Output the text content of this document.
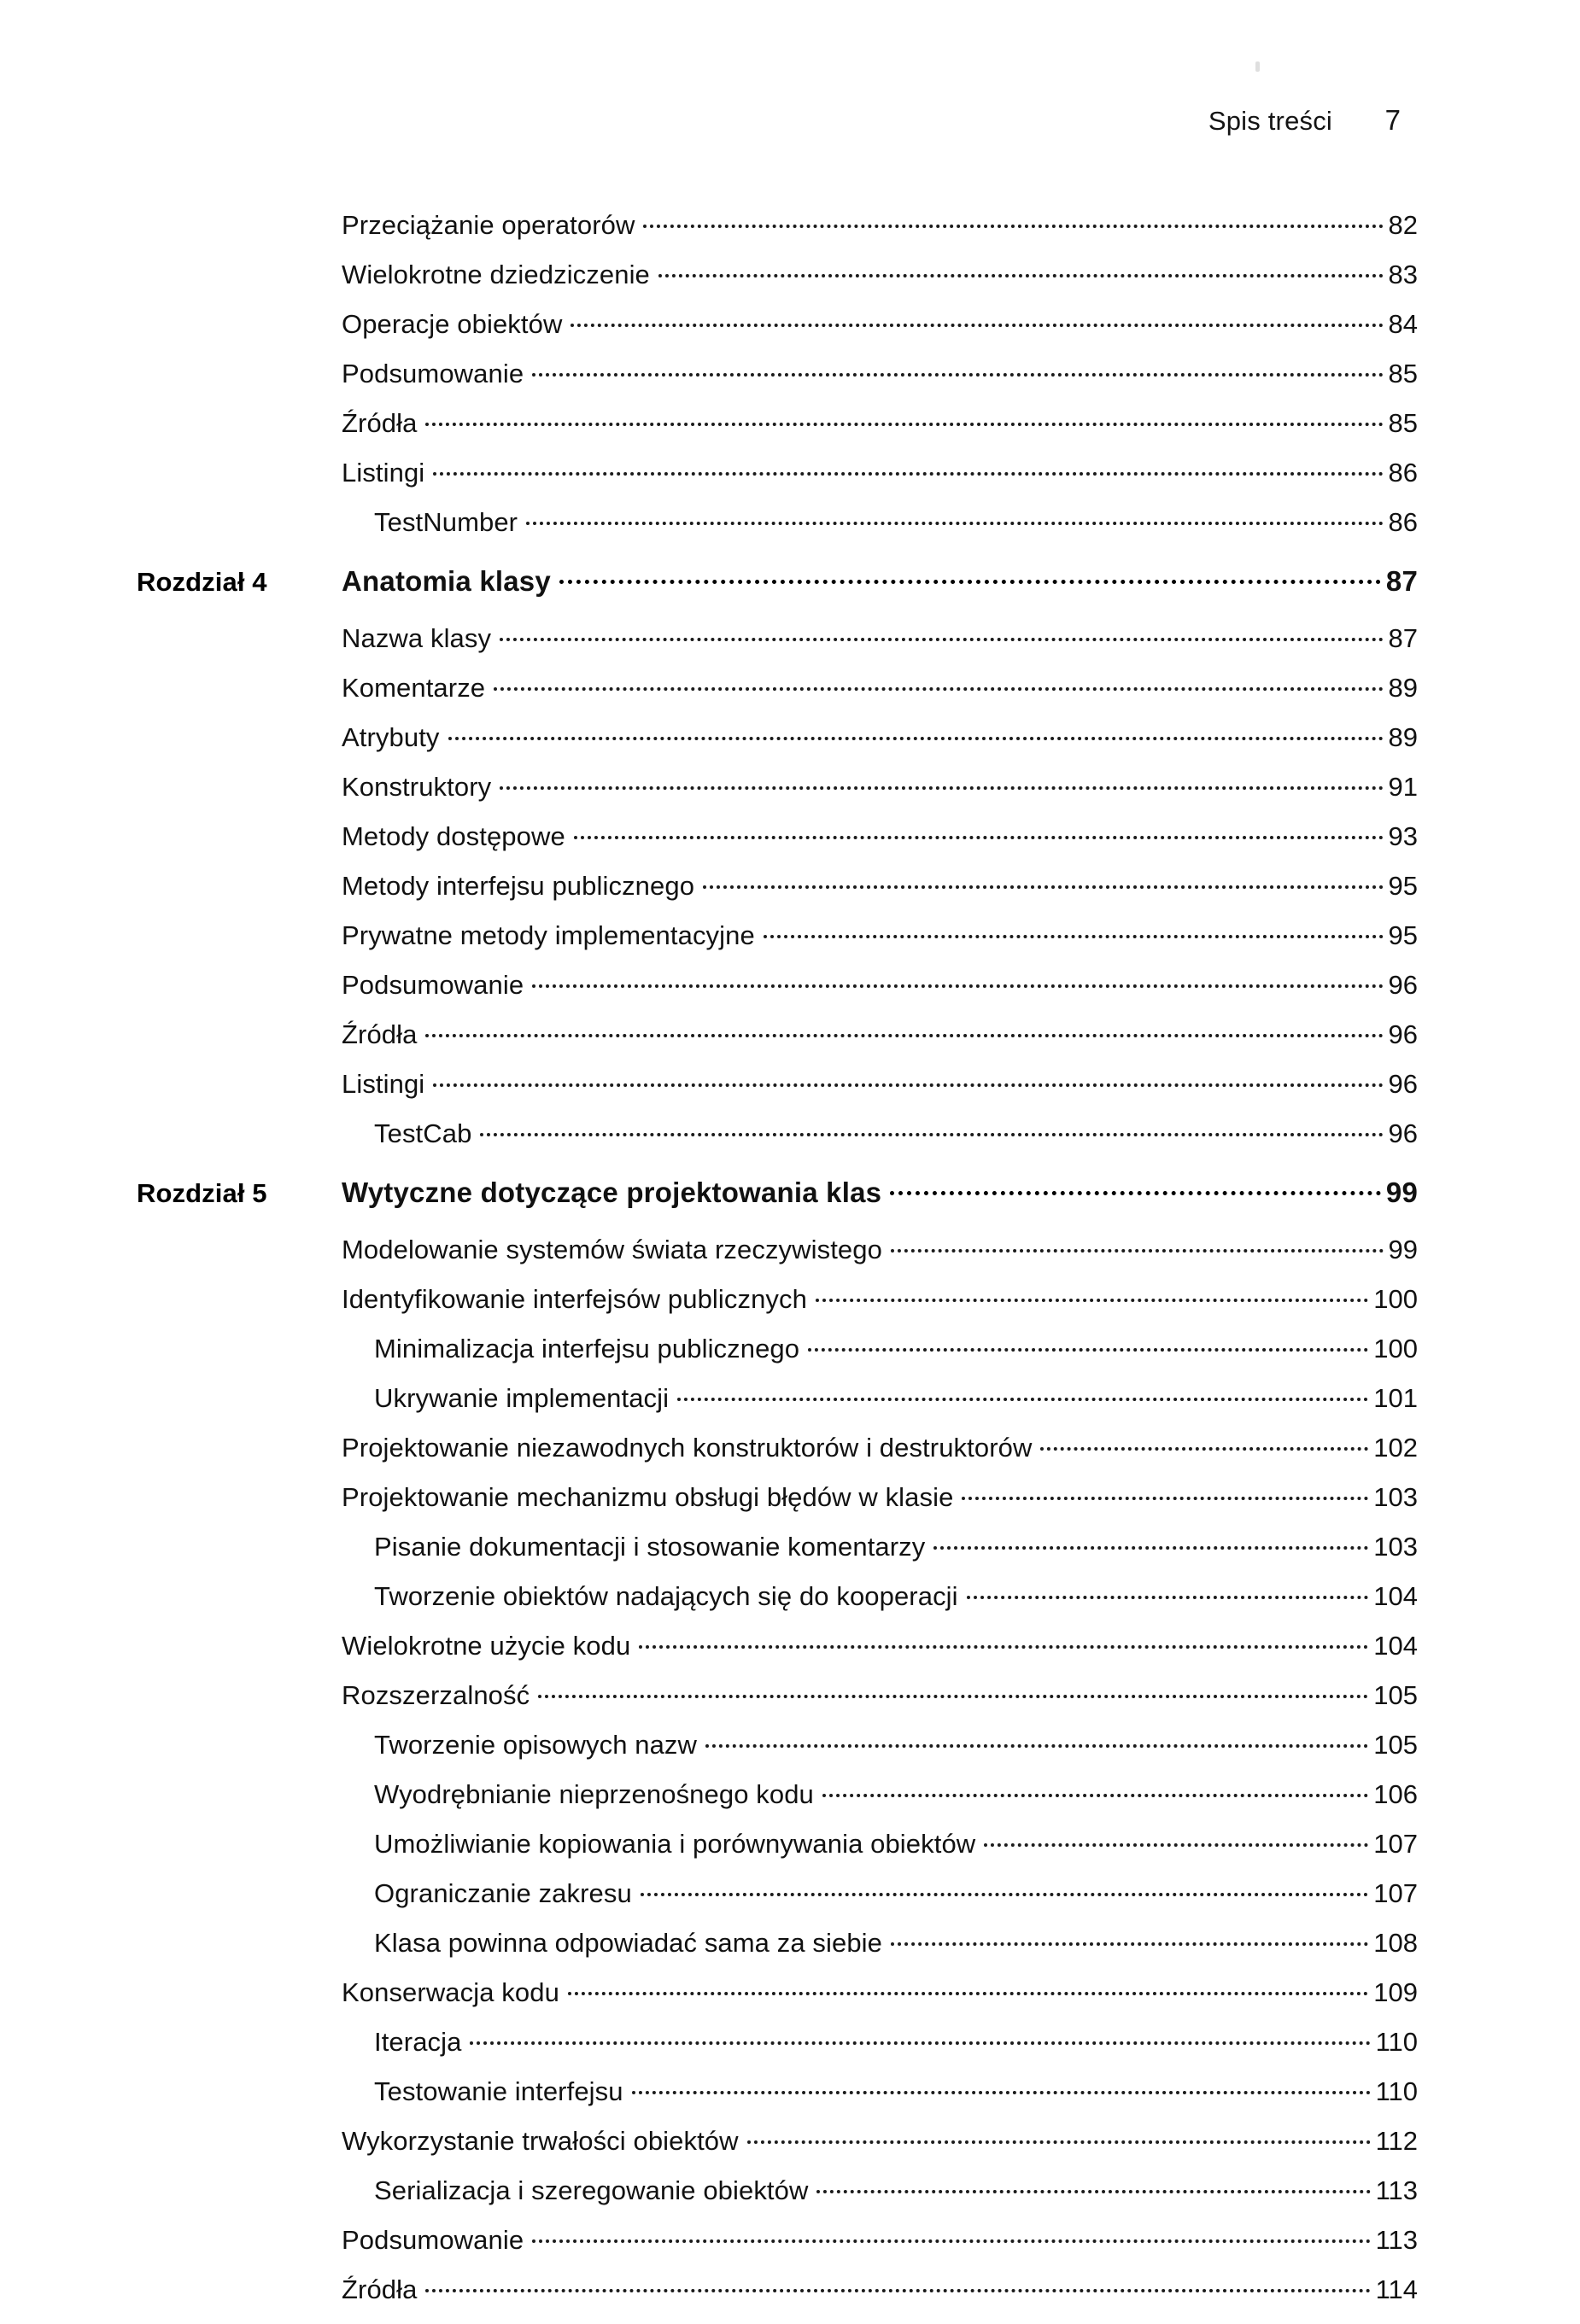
Spis treści 7
Przeciążanie operatorów	82
Wielokrotne dziedziczenie	83
Operacje obiektów	84
Podsumowanie	85
Źródła	85
Listingi	86
TestNumber	86
Rozdział 4	Anatomia klasy	87
Nazwa klasy	87
Komentarze	89
Atrybuty	89
Konstruktory	91
Metody dostępowe	93
Metody interfejsu publicznego	95
Prywatne metody implementacyjne	95
Podsumowanie	96
Źródła	96
Listingi	96
TestCab	96
Rozdział 5	Wytyczne dotyczące projektowania klas	99
Modelowanie systemów świata rzeczywistego	99
Identyfikowanie interfejsów publicznych	100
Minimalizacja interfejsu publicznego	100
Ukrywanie implementacji	101
Projektowanie niezawodnych konstruktorów i destruktorów	102
Projektowanie mechanizmu obsługi błędów w klasie	103
Pisanie dokumentacji i stosowanie komentarzy	103
Tworzenie obiektów nadających się do kooperacji	104
Wielokrotne użycie kodu	104
Rozszerzalność	105
Tworzenie opisowych nazw	105
Wyodrębnianie nieprzenośnego kodu	106
Umożliwianie kopiowania i porównywania obiektów	107
Ograniczanie zakresu	107
Klasa powinna odpowiadać sama za siebie	108
Konserwacja kodu	109
Iteracja	110
Testowanie interfejsu	110
Wykorzystanie trwałości obiektów	112
Serializacja i szeregowanie obiektów	113
Podsumowanie	113
Źródła	114
